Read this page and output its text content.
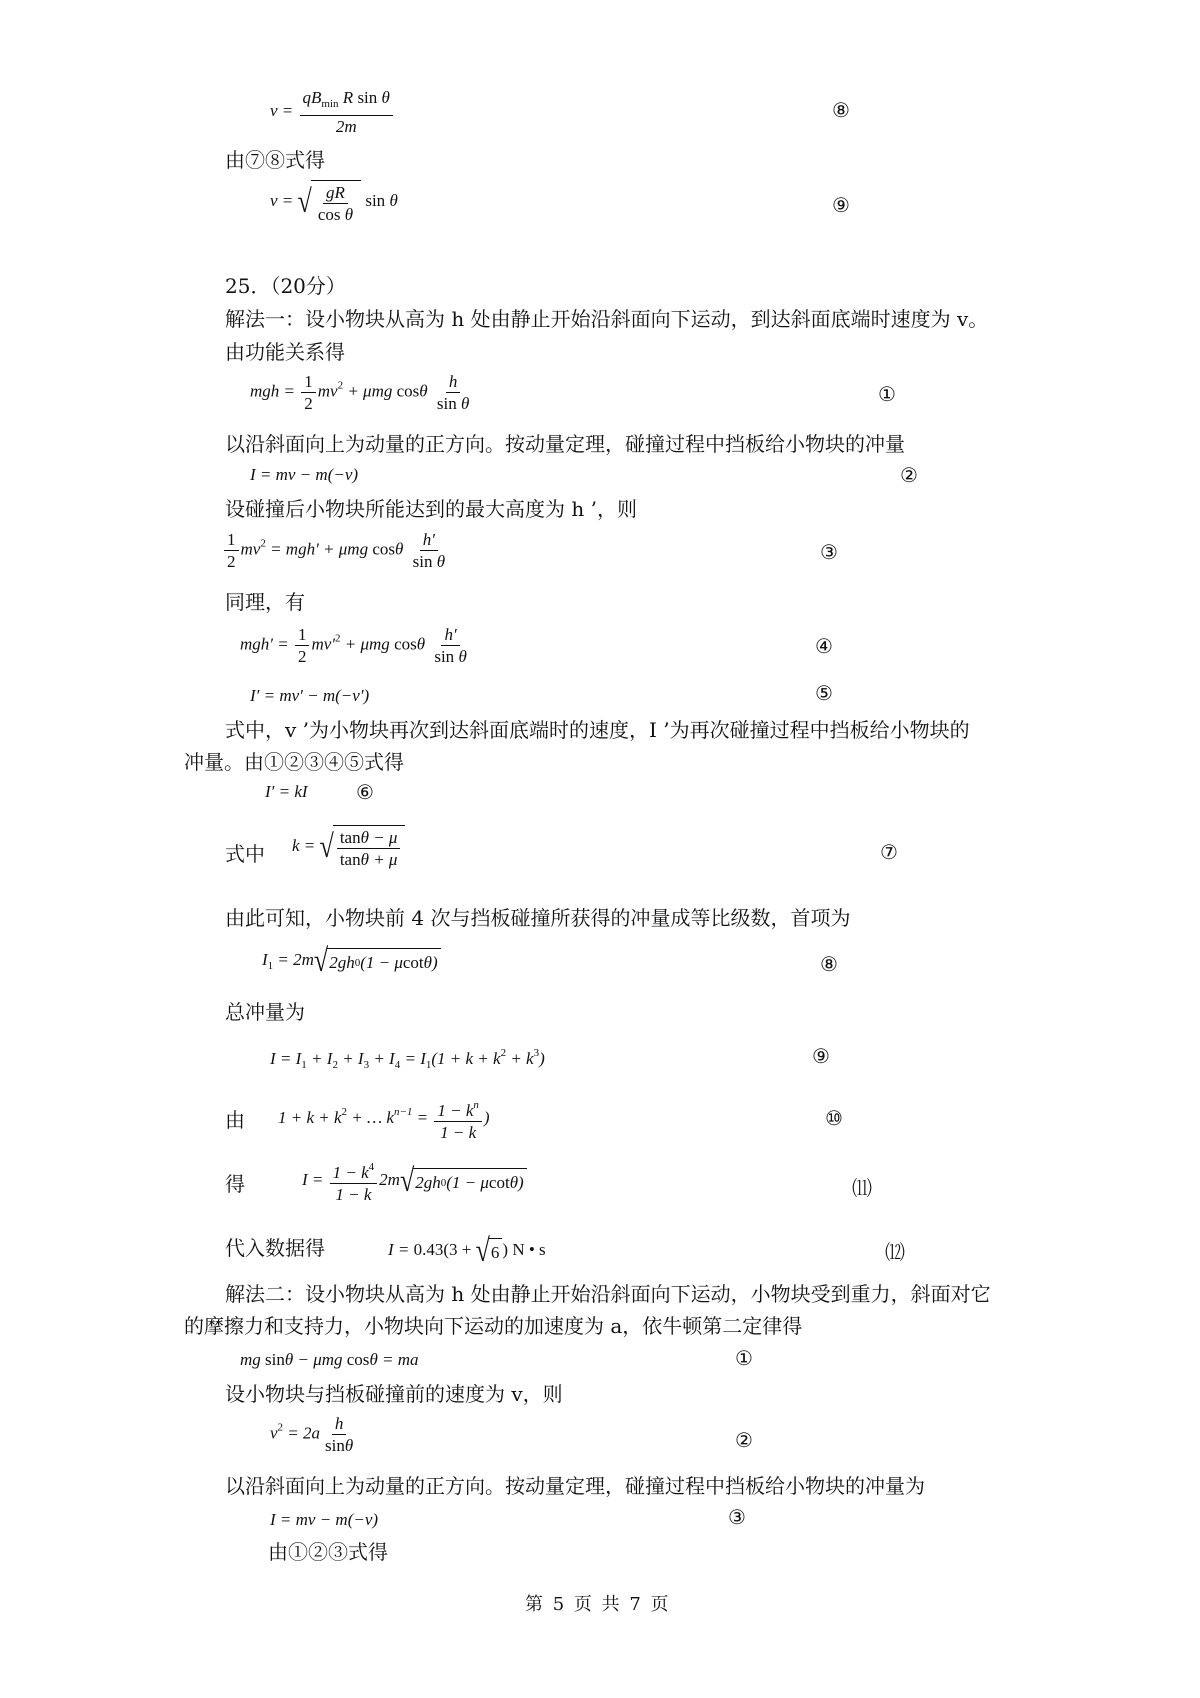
$v = \frac{qB_{min} R \sin \theta}{2m}$	⑧
由⑦⑧式得
v = √ $\frac{gR}{\text{cos θ}}$ sin θ	⑨
25．（20分）
解法一：设小物块从高为 h 处由静止开始沿斜面向下运动，到达斜面底端时速度为 v。
由功能关系得
mgh = $\frac{1}{2} mv^2 + \mu mg$ cosθ $\frac{h}{\text{sin θ}}$	①
以沿斜面向上为动量的正方向。按动量定理，碰撞过程中挡板给小物块的冲量
I = mv − m(−v)	②
设碰撞后小物块所能达到的最大高度为 h ’，则
$\frac{1}{2} mv^2 = mgh' + \mu mg$ cosθ $\frac{h'}{\text{sin θ}}$	③
同理，有
$mgh' = \frac{1}{2} mv'^2 + \mu mg$ cosθ $\frac{h'}{\text{sin θ}}$	④
I′ = mv′ − m(−v′)	⑤
式中，v ’为小物块再次到达斜面底端时的速度，I ’为再次碰撞过程中挡板给小物块的
冲量。由①②③④⑤式得
I′ = kI ⑥
式中 k = √ $\frac{\tan\theta - \mu}{\tan\theta + \mu}$	⑦
由此可知，小物块前 4 次与挡板碰撞所获得的冲量成等比级数，首项为
$I_1 = 2m$ √ 2gh 0 (1 − μ cot θ)	⑧
总冲量为
$I = I_1 + I_2 + I_3 + I_4 = I_1(1 + k + k^2 + k^3)$	⑨
由 $1 + k + k^2$ + … $k^{n-1} = \frac{1 - k^n}{1 - k}$ )	⑩
得	$I = \frac{1 - k^4}{1 - k} 2m$ √ 2gh 0 (1 − μ cot θ)	⑾
代入数据得	I = 0.43(3 + √ 6 ) N • s	⑿
解法二：设小物块从高为 h 处由静止开始沿斜面向下运动，小物块受到重力，斜面对它
的摩擦力和支持力，小物块向下运动的加速度为 a，依牛顿第二定律得
mg sinθ − μmg cosθ = ma	①
设小物块与挡板碰撞前的速度为 v，则
$v^2 = 2a \frac{h}{\sin\theta}$	②
以沿斜面向上为动量的正方向。按动量定理，碰撞过程中挡板给小物块的冲量为
I = mv − m(−v)	③
由①②③式得
第 5 页 共 7 页
